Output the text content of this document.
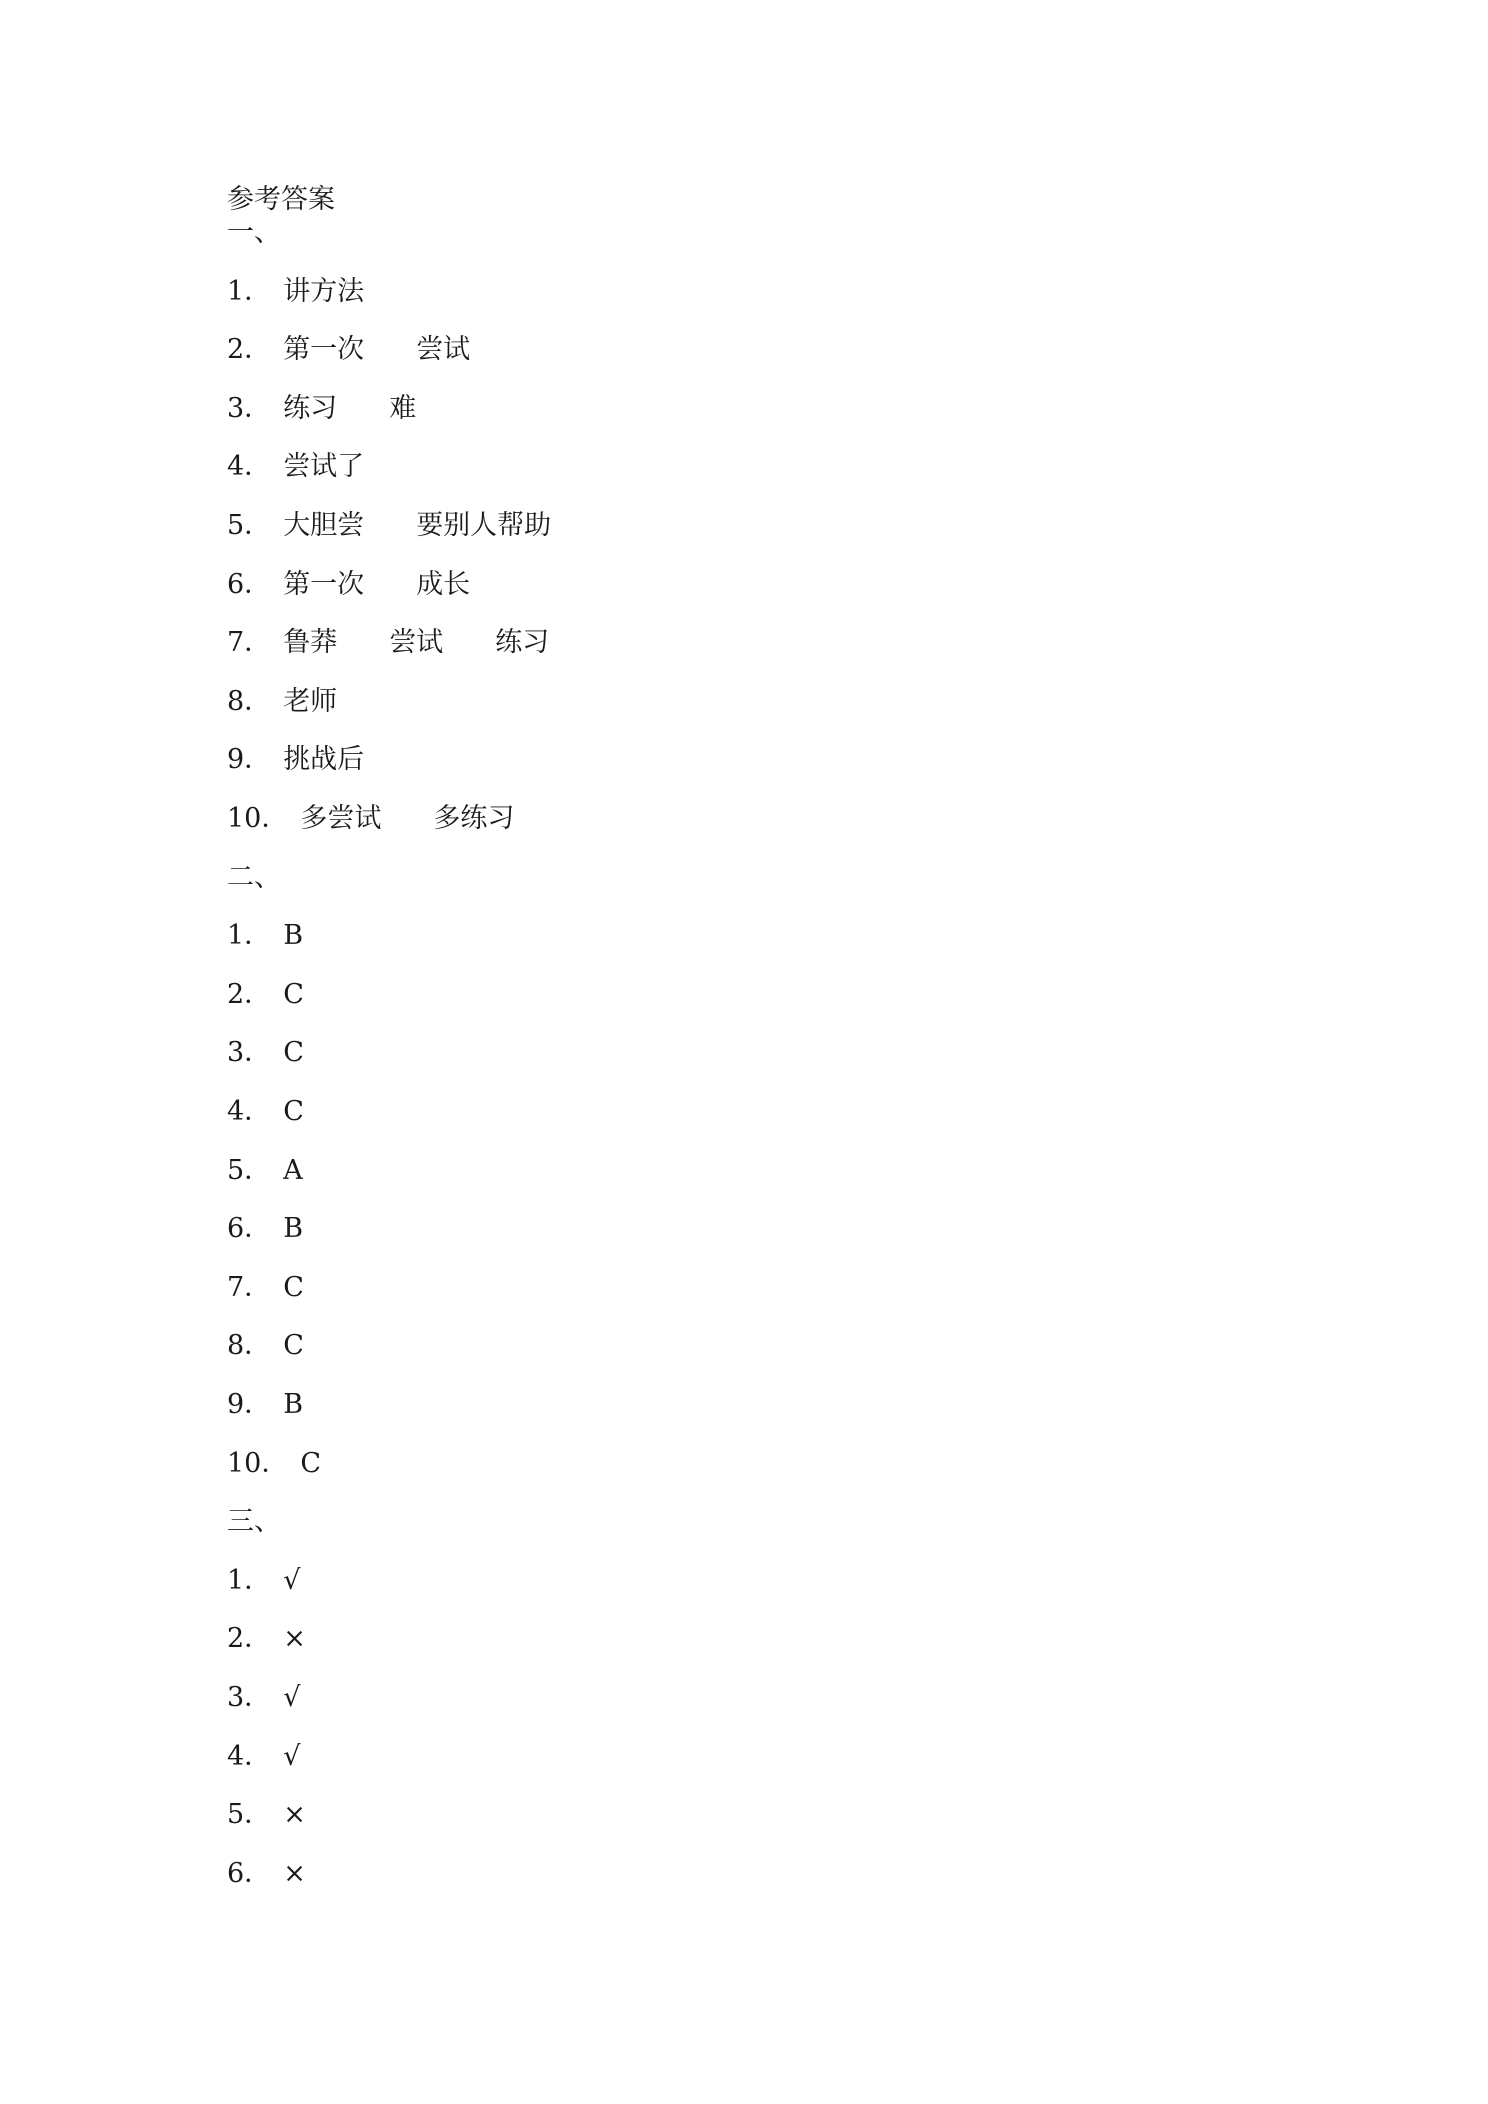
参考答案
一、
1． 讲方法
2． 第一次 尝试
3． 练习 难
4． 尝试了
5． 大胆尝 要别人帮助
6． 第一次 成长
7． 鲁莽 尝试 练习
8． 老师
9． 挑战后
10． 多尝试 多练习
二、
1． B
2． C
3． C
4． C
5． A
6． B
7． C
8． C
9． B
10． C
三、
1． √
2． ×
3． √
4． √
5． ×
6． ×
